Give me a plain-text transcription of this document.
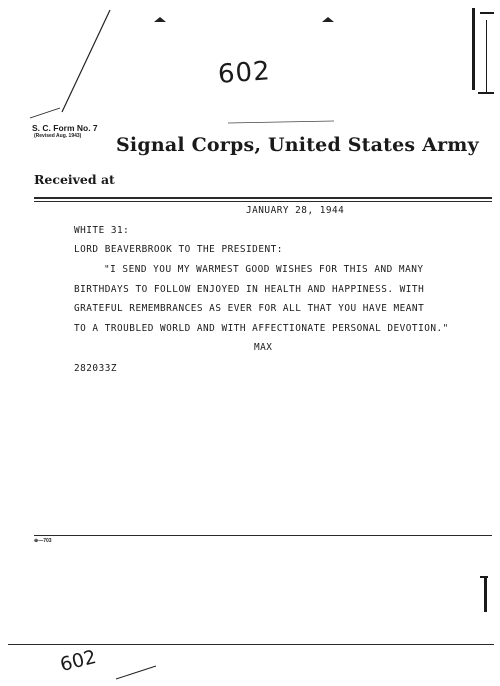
602
S. C. Form No. 7
(Revised Aug. 1943) Signal Corps, United States Army
Received at
JANUARY 28, 1944
WHITE 31:
LORD BEAVERBROOK TO THE PRESIDENT:
"I SEND YOU MY WARMEST GOOD WISHES FOR THIS AND MANY
BIRTHDAYS TO FOLLOW ENJOYED IN HEALTH AND HAPPINESS. WITH
GRATEFUL REMEMBRANCES AS EVER FOR ALL THAT YOU HAVE MEANT
TO A TROUBLED WORLD AND WITH AFFECTIONATE PERSONAL DEVOTION."
MAX
282033Z
⊕—703
602
